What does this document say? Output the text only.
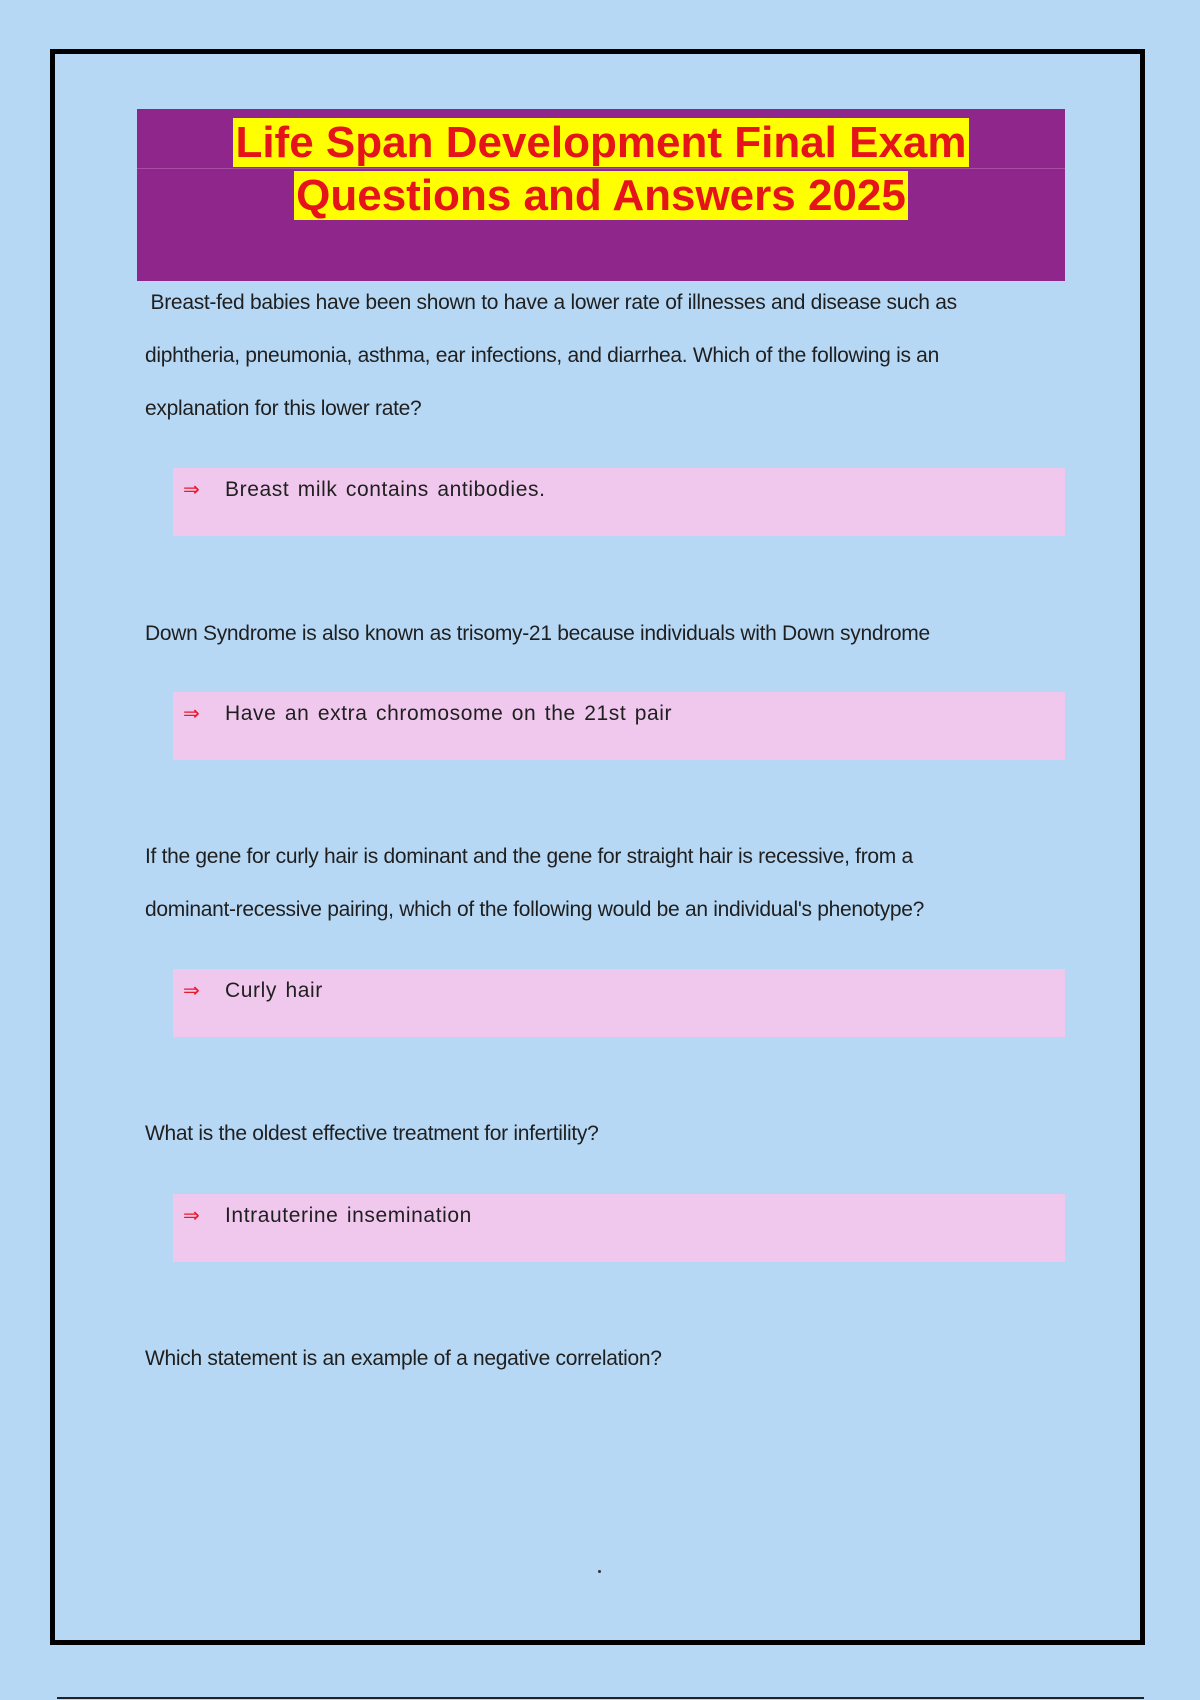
Life Span Development Final Exam
Questions and Answers 2025
Breast-fed babies have been shown to have a lower rate of illnesses and disease such as
diphtheria, pneumonia, asthma, ear infections, and diarrhea. Which of the following is an
explanation for this lower rate?
⇒ Breast milk contains antibodies.
Down Syndrome is also known as trisomy-21 because individuals with Down syndrome
⇒ Have an extra chromosome on the 21st pair
If the gene for curly hair is dominant and the gene for straight hair is recessive, from a
dominant-recessive pairing, which of the following would be an individual's phenotype?
⇒ Curly hair
What is the oldest effective treatment for infertility?
⇒ Intrauterine insemination
Which statement is an example of a negative correlation?
